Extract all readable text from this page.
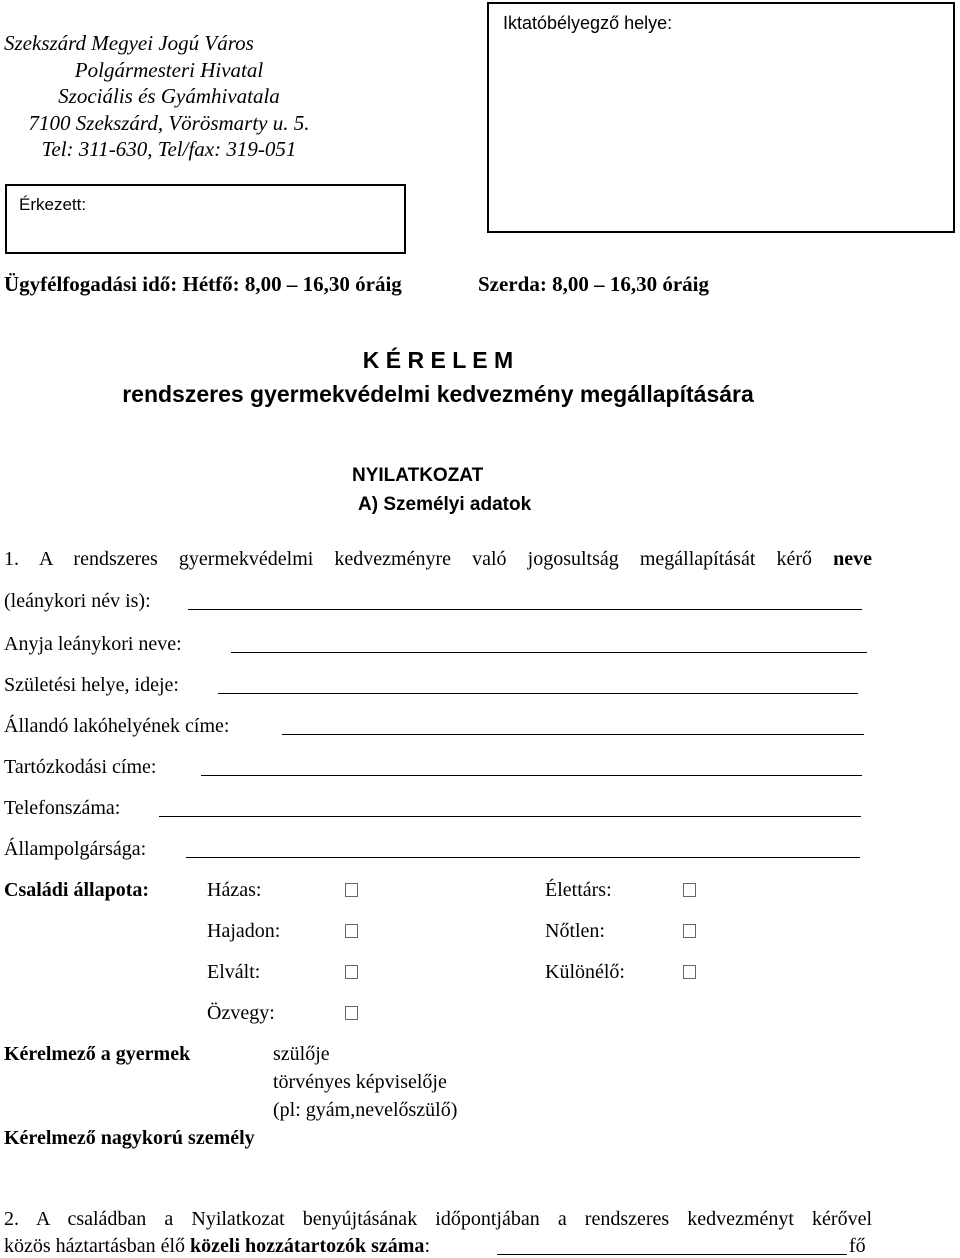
Szekszárd Megyei Jogú Város
Polgármesteri Hivatal
Szociális és Gyámhivatala
7100 Szekszárd, Vörösmarty u. 5.
Tel: 311-630, Tel/fax: 319-051
Iktatóbélyegző helye:
Érkezett:
Ügyfélfogadási idő: Hétfő: 8,00 – 16,30 óráig	Szerda: 8,00 – 16,30 óráig
K É R E L E M
rendszeres gyermekvédelmi kedvezmény megállapítására
NYILATKOZAT
A) Személyi adatok
1. A rendszeres gyermekvédelmi kedvezményre való jogosultság megállapítását kérő neve
(leánykori név is):
Anyja leánykori neve:
Születési helye, ideje:
Állandó lakóhelyének címe:
Tartózkodási címe:
Telefonszáma:
Állampolgársága:
Családi állapota:	Házas:	Élettárs:
Hajadon:	Nőtlen:
Elvált:	Különélő:
Özvegy:
Kérelmező a gyermek	szülője
törvényes képviselője
(pl: gyám,nevelőszülő)
Kérelmező nagykorú személy
2. A családban a Nyilatkozat benyújtásának időpontjában a rendszeres kedvezményt kérővel
közös háztartásban élő közeli hozzátartozók száma:	fő
